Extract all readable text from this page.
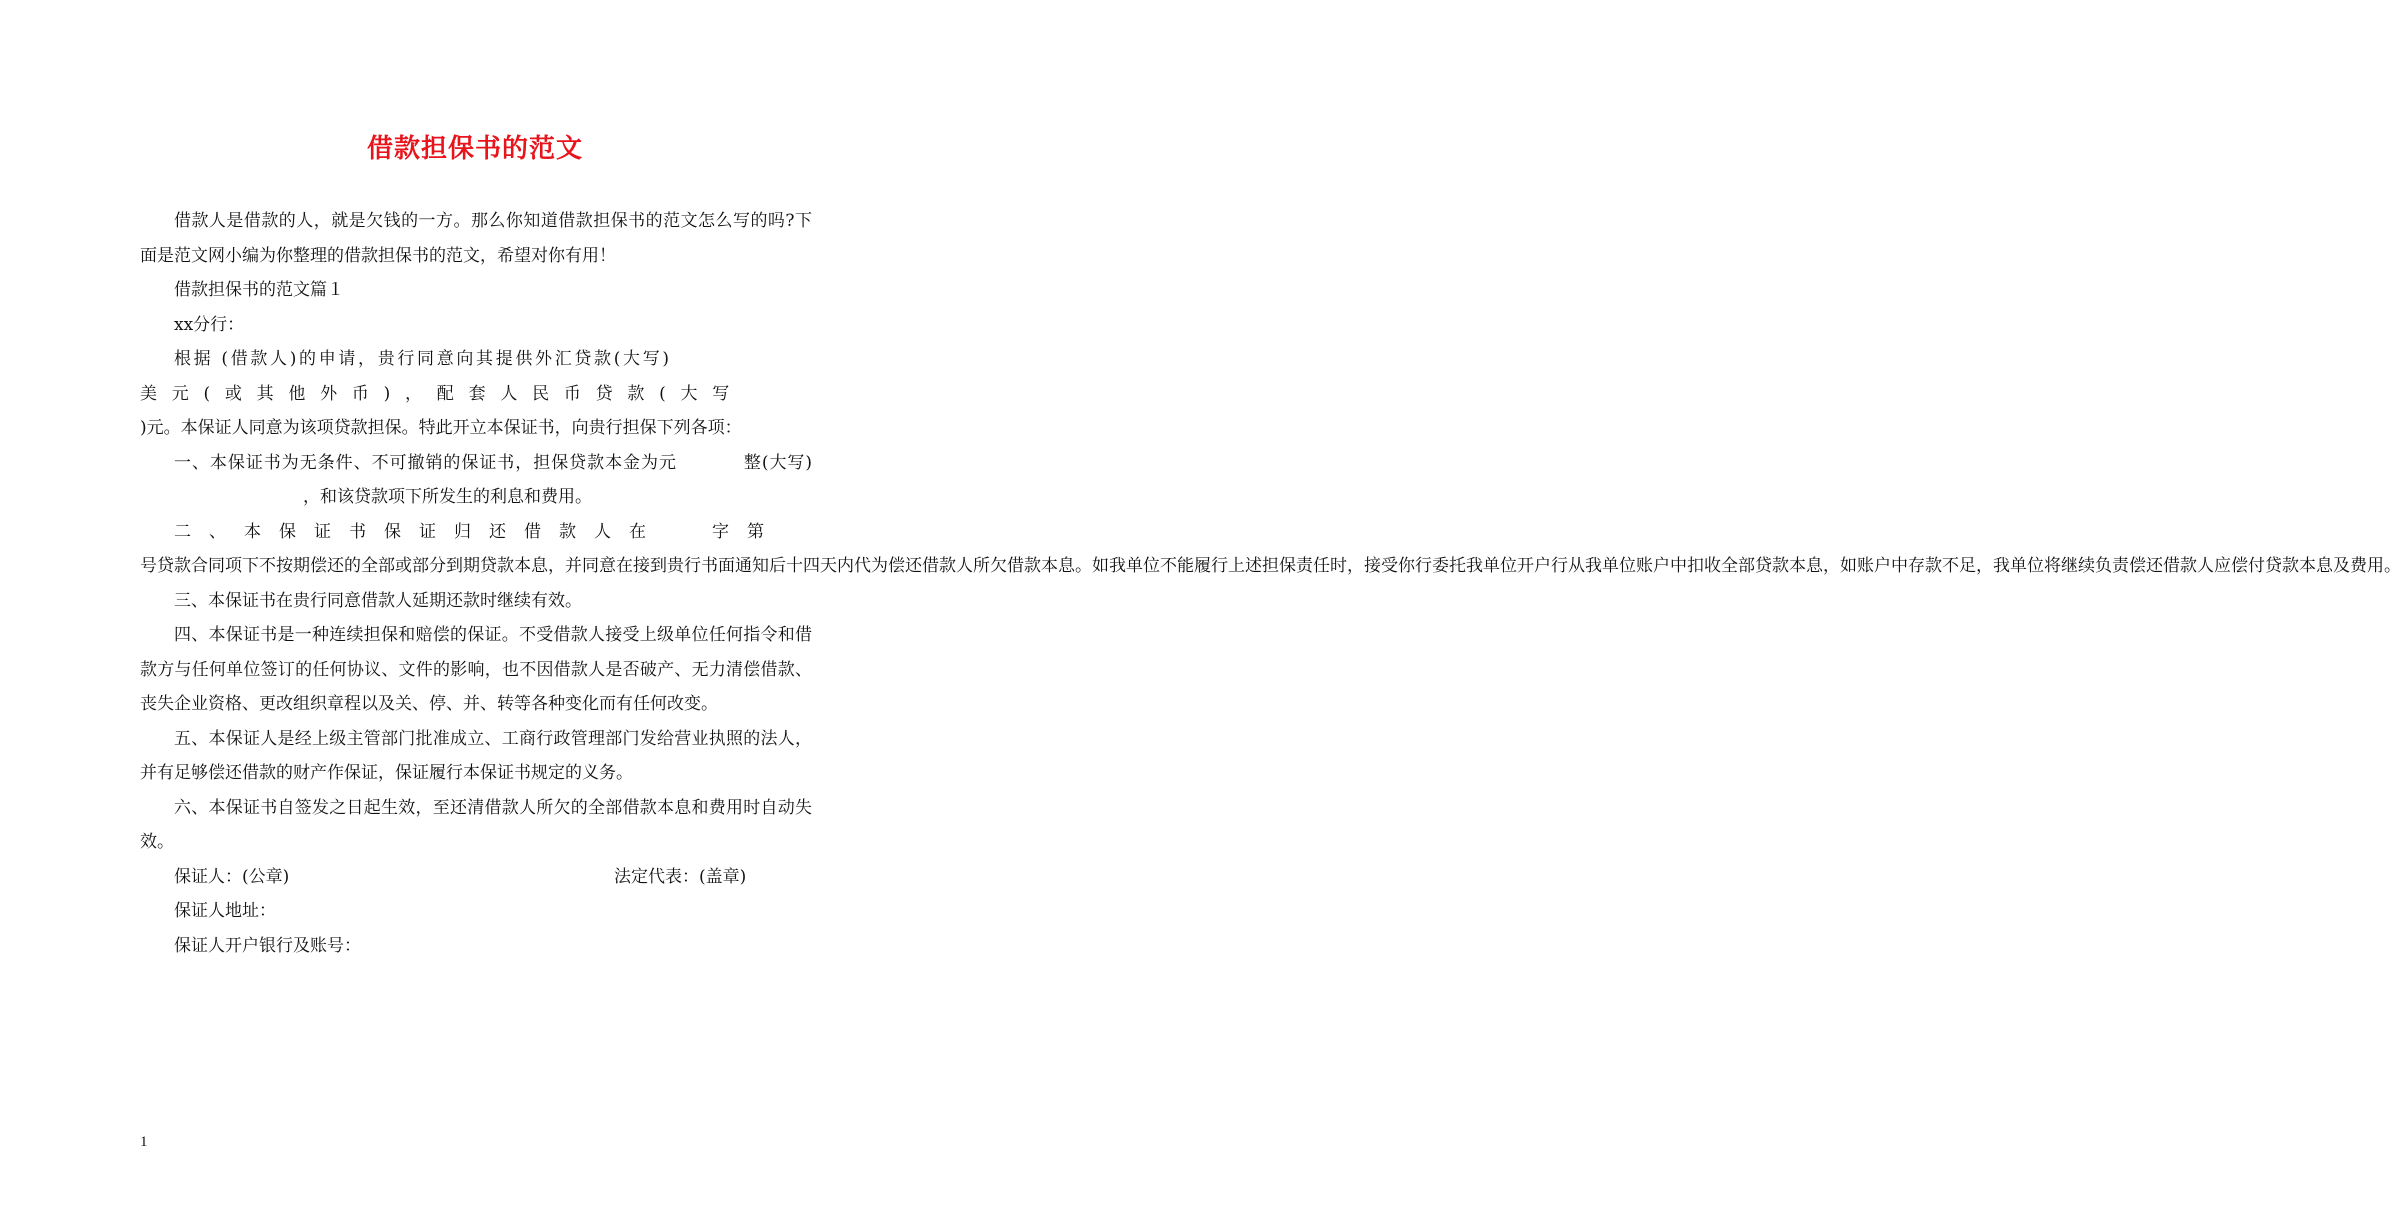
借款担保书的范文

借款人是借款的人，就是欠钱的一方。那么你知道借款担保书的范文怎么写的吗?下面是范文网小编为你整理的借款担保书的范文，希望对你有用！

借款担保书的范文篇１

xx分行：

根据 (借款人)的申请，贵行同意向其提供外汇贷款(大写)美元(或其他外币)，配套人民币贷款(大写)元。本保证人同意为该项贷款担保。特此开立本保证书，向贵行担保下列各项：

一、本保证书为无条件、不可撤销的保证书，担保贷款本金为元	整(大写)，和该贷款项下所发生的利息和费用。

二、本保证书保证归还借款人在 字第号贷款合同项下不按期偿还的全部或部分到期贷款本息，并同意在接到贵行书面通知后十四天内代为偿还借款人所欠借款本息。如我单位不能履行上述担保责任时，接受你行委托我单位开户行从我单位账户中扣收全部贷款本息，如账户中存款不足，我单位将继续负责偿还借款人应偿付贷款本息及费用。

三、本保证书在贵行同意借款人延期还款时继续有效。

四、本保证书是一种连续担保和赔偿的保证。不受借款人接受上级单位任何指令和借款方与任何单位签订的任何协议、文件的影响，也不因借款人是否破产、无力清偿借款、丧失企业资格、更改组织章程以及关、停、并、转等各种变化而有任何改变。

五、本保证人是经上级主管部门批准成立、工商行政管理部门发给营业执照的法人，并有足够偿还借款的财产作保证，保证履行本保证书规定的义务。

六、本保证书自签发之日起生效，至还清借款人所欠的全部借款本息和费用时自动失效。

保证人：(公章)	法定代表：(盖章)

保证人地址：

保证人开户银行及账号：

1
